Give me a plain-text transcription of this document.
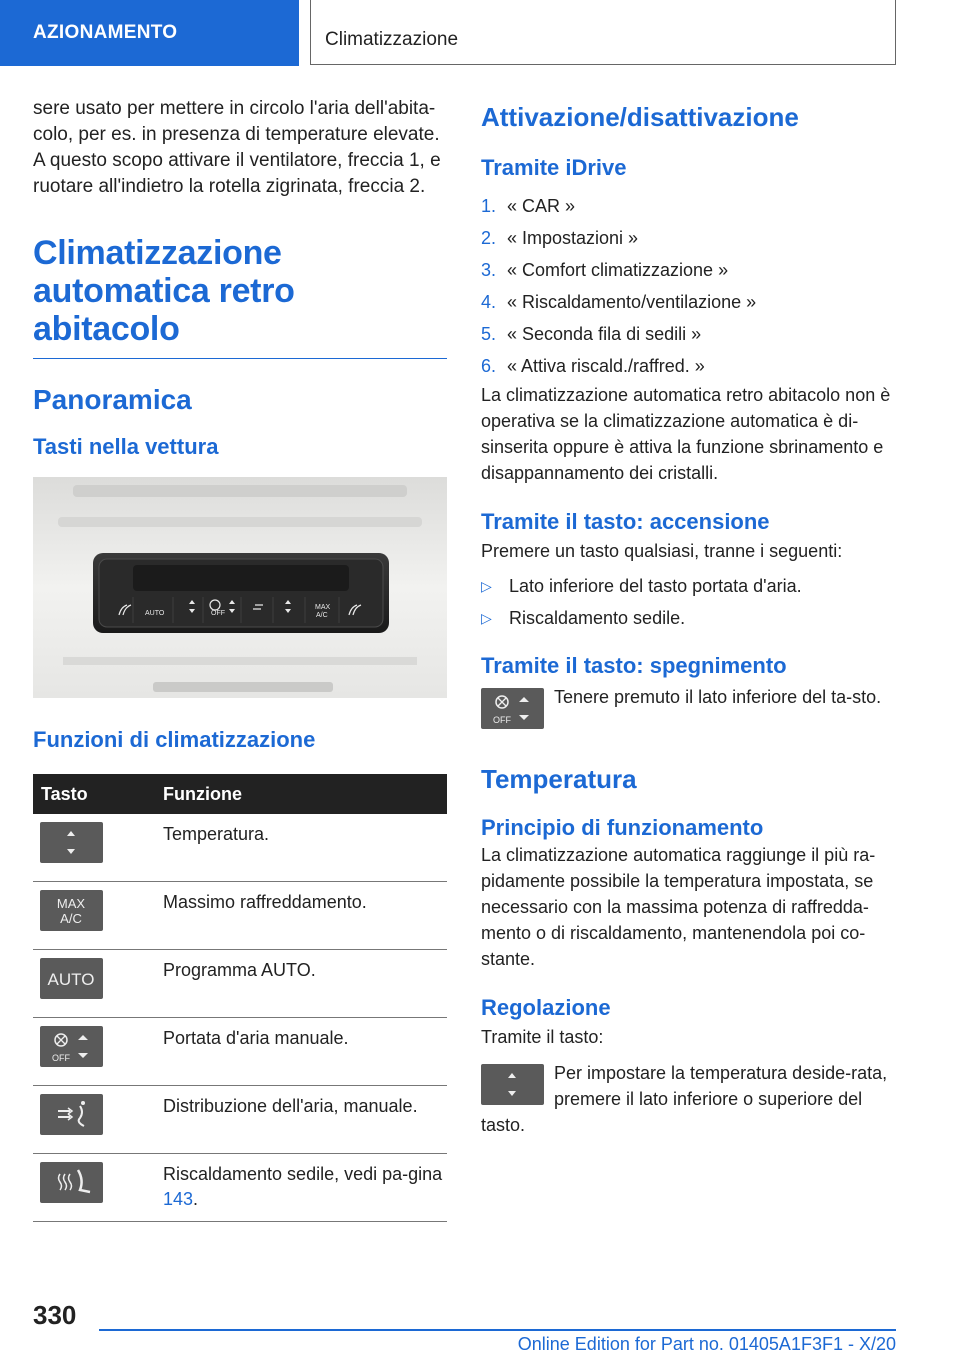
AZIONAMENTO	Climatizzazione

sere usato per mettere in circolo l'aria dell'abita-colo, per es. in presenza di temperature elevate. A questo scopo attivare il ventilatore, freccia 1, e ruotare all'indietro la rotella zigrinata, freccia 2.

Climatizzazione automatica retro abitacolo
Panoramica
Tasti nella vettura
AUTO	OFF
MAX
A/C
Funzioni di climatizzazione
Tasto	Funzione
	Temperatura.

MAX
A/C	Massimo raffreddamento.

AUTO	Programma AUTO.

OFF	Portata d'aria manuale.
	Distribuzione dell'aria, manuale.
	Riscaldamento sedile, vedi pa-gina 143.
Attivazione/disattivazione
Tramite iDrive
1. « CAR »
2. « Impostazioni »
3. « Comfort climatizzazione »
4. « Riscaldamento/ventilazione »
5. « Seconda fila di sedili »
6. « Attiva riscald./raffred. »

La climatizzazione automatica retro abitacolo non è operativa se la climatizzazione automatica è di-sinserita oppure è attiva la funzione sbrinamento e disappannamento dei cristalli.

Tramite il tasto: accensione

Premere un tasto qualsiasi, tranne i seguenti:

▷ Lato inferiore del tasto portata d'aria.
▷ Riscaldamento sedile.
Tramite il tasto: spegnimento
OFF

Tenere premuto il lato inferiore del ta-sto.

Temperatura
Principio di funzionamento

La climatizzazione automatica raggiunge il più ra-pidamente possibile la temperatura impostata, se necessario con la massima potenza di raffredda-mento o di riscaldamento, mantenendola poi co-stante.

Regolazione

Tramite il tasto:

Per impostare la temperatura deside-rata, premere il lato inferiore o superiore del tasto.

330
Online Edition for Part no. 01405A1F3F1 - X/20
